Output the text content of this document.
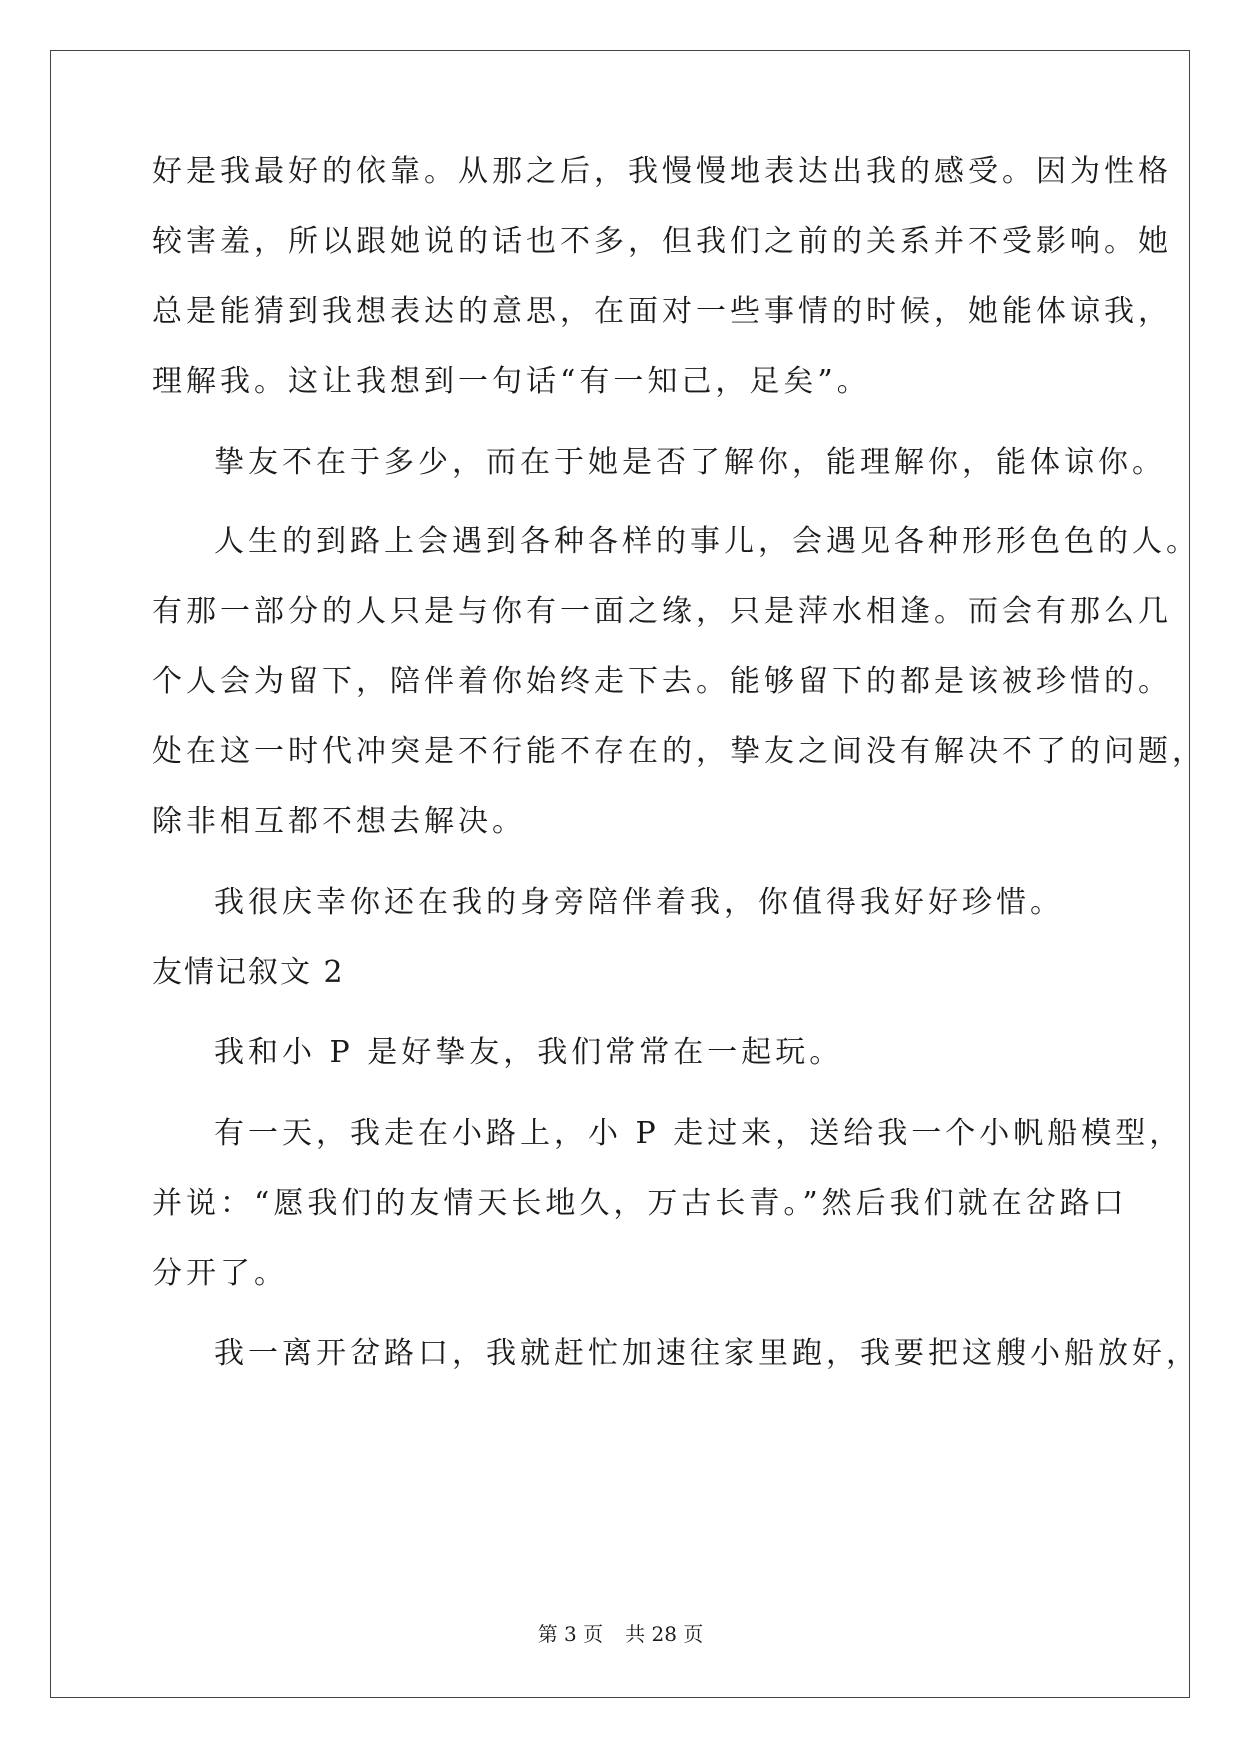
好是我最好的依靠。从那之后，我慢慢地表达出我的感受。因为性格
较害羞，所以跟她说的话也不多，但我们之前的关系并不受影响。她
总是能猜到我想表达的意思，在面对一些事情的时候，她能体谅我，
理解我。这让我想到一句话“有一知己，足矣”。
挚友不在于多少，而在于她是否了解你，能理解你，能体谅你。
人生的到路上会遇到各种各样的事儿，会遇见各种形形色色的人。
有那一部分的人只是与你有一面之缘，只是萍水相逢。而会有那么几
个人会为留下，陪伴着你始终走下去。能够留下的都是该被珍惜的。
处在这一时代冲突是不行能不存在的，挚友之间没有解决不了的问题，
除非相互都不想去解决。
我很庆幸你还在我的身旁陪伴着我，你值得我好好珍惜。
友情记叙文 2
我和小 P 是好挚友，我们常常在一起玩。
有一天，我走在小路上，小 P 走过来，送给我一个小帆船模型，
并说：“愿我们的友情天长地久，万古长青。”然后我们就在岔路口
分开了。
我一离开岔路口，我就赶忙加速往家里跑，我要把这艘小船放好，
第 3 页 共 28 页
